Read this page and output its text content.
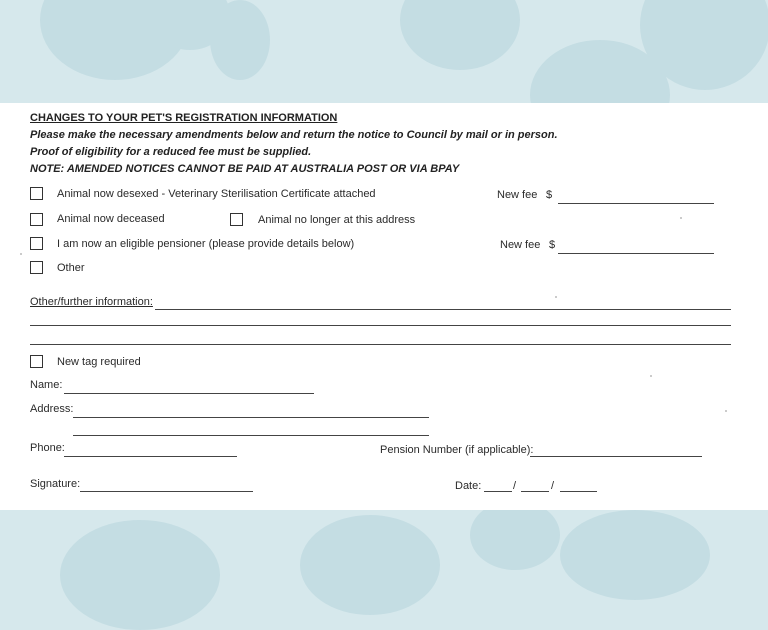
CHANGES TO YOUR PET'S REGISTRATION INFORMATION
Please make the necessary amendments below and return the notice to Council by mail or in person.
Proof of eligibility for a reduced fee must be supplied.
NOTE: AMENDED NOTICES CANNOT BE PAID AT AUSTRALIA POST OR VIA BPAY
Animal now desexed - Veterinary Sterilisation Certificate attached	New fee $
Animal now deceased	Animal no longer at this address
I am now an eligible pensioner (please provide details below)	New fee $
Other
Other/further information:
New tag required
Name:
Address:
Phone:	Pension Number (if applicable):
Signature:	Date:	/	/
